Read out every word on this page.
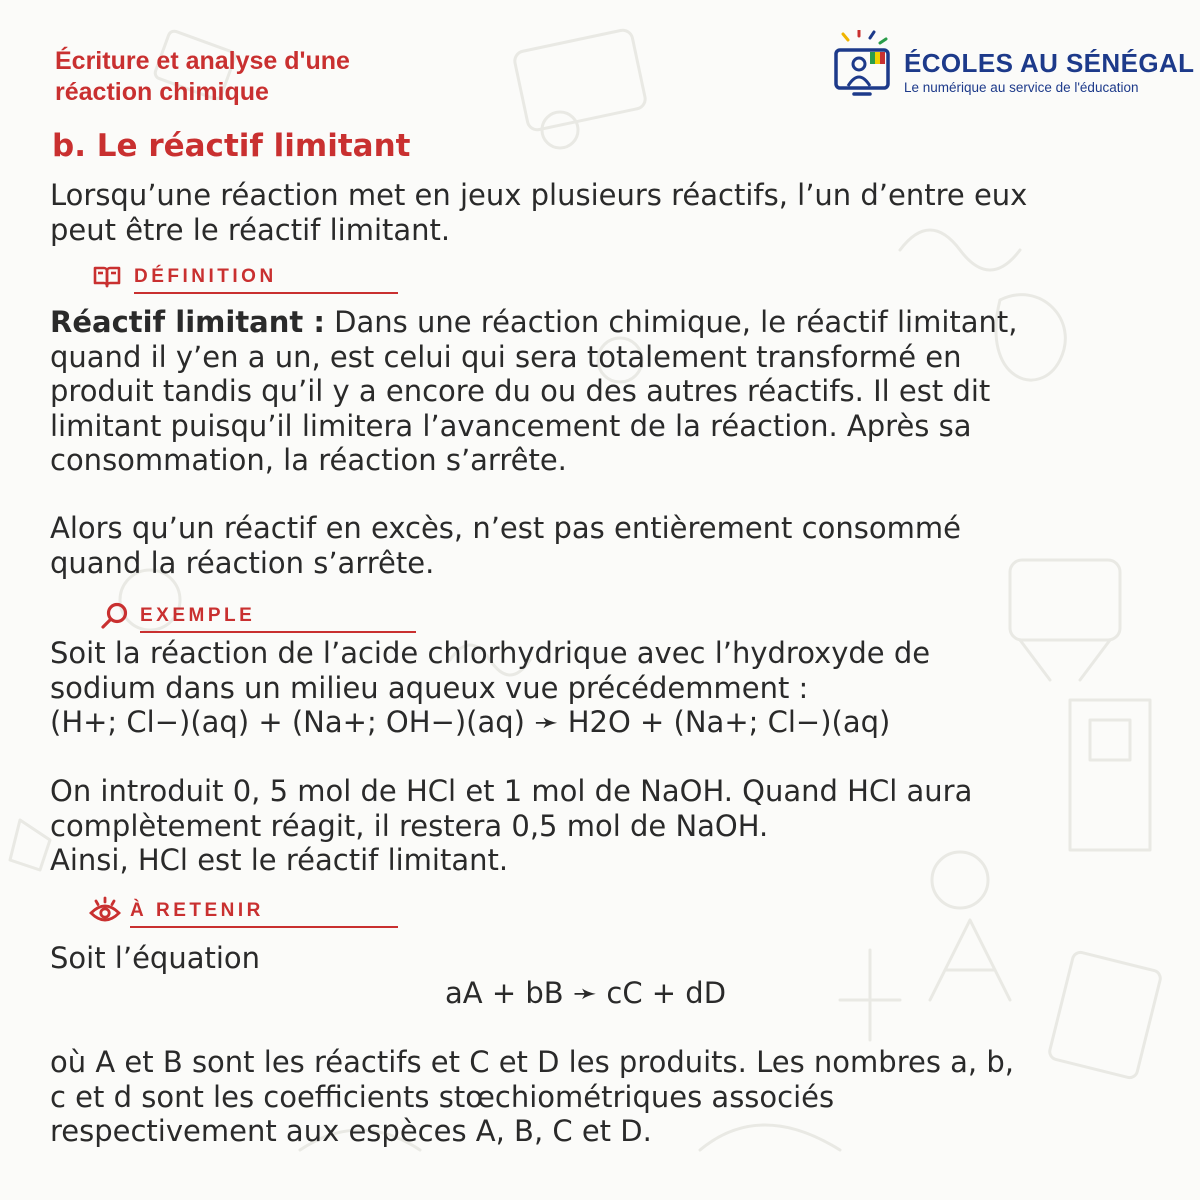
Écriture et analyse d'une
réaction chimique
ÉCOLES AU SÉNÉGAL
Le numérique au service de l'éducation
b. Le réactif limitant

Lorsqu’une réaction met en jeux plusieurs réactifs, l’un d’entre eux

peut être le réactif limitant.

DÉFINITION

Réactif limitant : Dans une réaction chimique, le réactif limitant,

quand il y’en a un, est celui qui sera totalement transformé en

produit tandis qu’il y a encore du ou des autres réactifs. Il est dit

limitant puisqu’il limitera l’avancement de la réaction. Après sa

consommation, la réaction s’arrête.

Alors qu’un réactif en excès, n’est pas entièrement consommé

quand la réaction s’arrête.

EXEMPLE

Soit la réaction de l’acide chlorhydrique avec l’hydroxyde de

sodium dans un milieu aqueux vue précédemment :

(H+; Cl−)(aq) + (Na+; OH−)(aq) ➛ H2O + (Na+; Cl−)(aq)

On introduit 0, 5 mol de HCl et 1 mol de NaOH. Quand HCl aura

complètement réagit, il restera 0,5 mol de NaOH.

Ainsi, HCl est le réactif limitant.

À RETENIR

Soit l’équation

aA + bB ➛ cC + dD

où A et B sont les réactifs et C et D les produits. Les nombres a, b,

c et d sont les coefficients stœchiométriques associés

respectivement aux espèces A, B, C et D.
